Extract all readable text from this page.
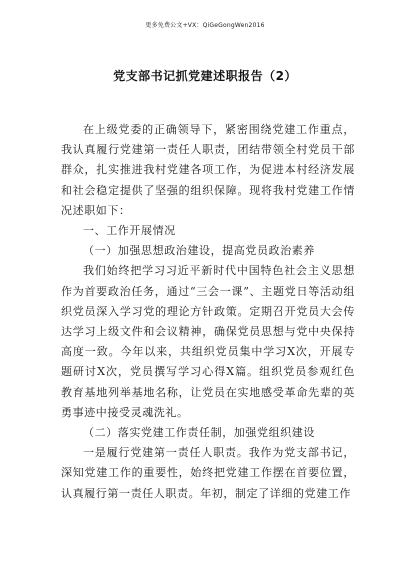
更多免费公文+VX：QiGeGongWen2016
党支部书记抓党建述职报告（2）

在上级党委的正确领导下，紧密围绕党建工作重点，我认真履行党建第一责任人职责，团结带领全村党员干部群众，扎实推进我村党建各项工作，为促进本村经济发展和社会稳定提供了坚强的组织保障。现将我村党建工作情况述职如下：

一、工作开展情况

（一）加强思想政治建设，提高党员政治素养

我们始终把学习习近平新时代中国特色社会主义思想作为首要政治任务，通过“三会一课”、主题党日等活动组织党员深入学习党的理论方针政策。定期召开党员大会传达学习上级文件和会议精神，确保党员思想与党中央保持高度一致。今年以来，共组织党员集中学习X次，开展专题研讨X次，党员撰写学习心得X篇。组织党员参观红色教育基地列举基地名称，让党员在实地感受革命先辈的英勇事迹中接受灵魂洗礼。

（二）落实党建工作责任制，加强党组织建设

一是履行党建第一责任人职责。我作为党支部书记，深知党建工作的重要性，始终把党建工作摆在首要位置，认真履行第一责任人职责。年初，制定了详细的党建工作
